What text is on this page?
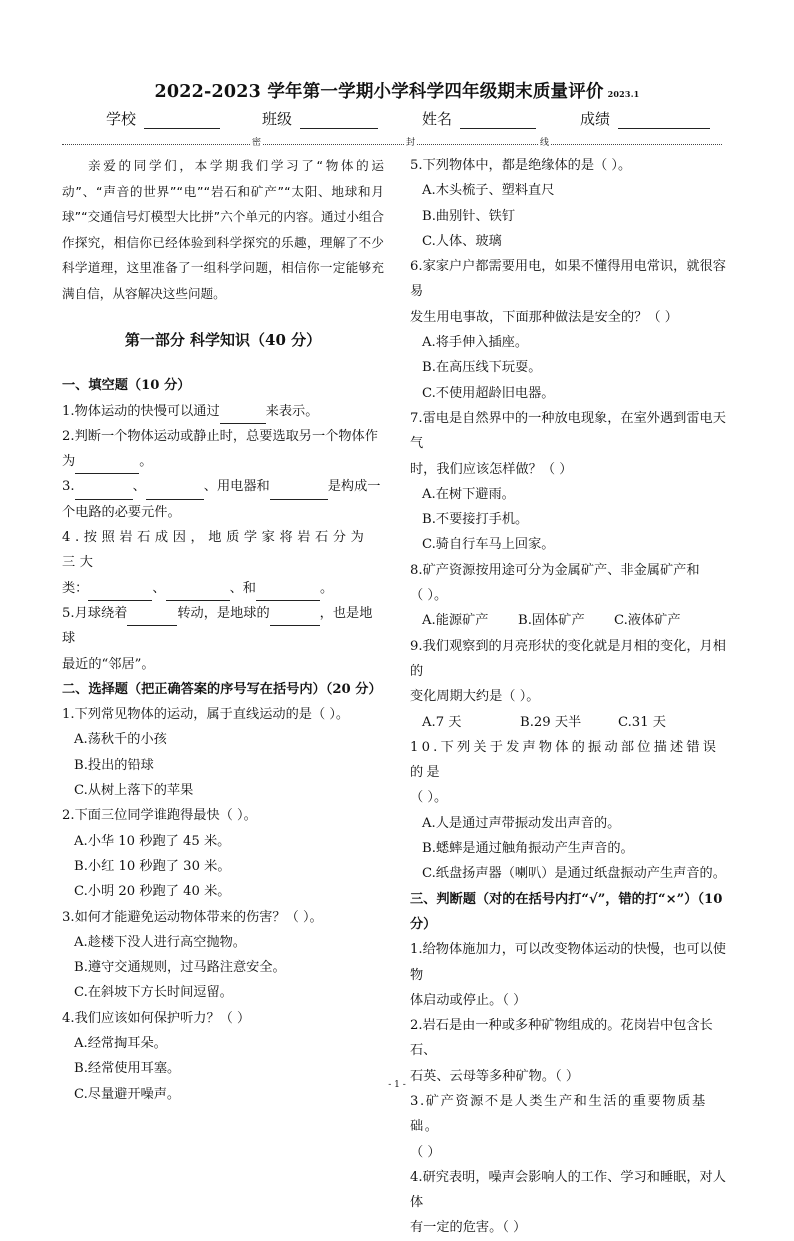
2022-2023 学年第一学期小学科学四年级期末质量评价 2023.1
学校	班级	姓名	成绩
密	封	线

亲爱的同学们，本学期我们学习了“物体的运动”、“声音的世界”“电”“岩石和矿产”“太阳、地球和月球”“交通信号灯模型大比拼”六个单元的内容。通过小组合作探究，相信你已经体验到科学探究的乐趣，理解了不少科学道理，这里准备了一组科学问题，相信你一定能够充满自信，从容解决这些问题。

第一部分 科学知识（40 分）

一、填空题（10 分）

1.物体运动的快慢可以通过	来表示。

2.判断一个物体运动或静止时，总要选取另一个物体作

为	。

3.	、	、用电器和	是构成一

个电路的必要元件。

4.按照岩石成因，地质学家将岩石分为三大

类：	、	、和	。

5.月球绕着	转动，是地球的	，也是地球

最近的“邻居”。

二、选择题（把正确答案的序号写在括号内）（20 分）

1.下列常见物体的运动，属于直线运动的是（ ）。

A.荡秋千的小孩

B.投出的铅球

C.从树上落下的苹果

2.下面三位同学谁跑得最快（ ）。

A.小华 10 秒跑了 45 米。

B.小红 10 秒跑了 30 米。

C.小明 20 秒跑了 40 米。

3.如何才能避免运动物体带来的伤害？（ ）。

A.趁楼下没人进行高空抛物。

B.遵守交通规则，过马路注意安全。

C.在斜坡下方长时间逗留。

4.我们应该如何保护听力？（ ）

A.经常掏耳朵。

B.经常使用耳塞。

C.尽量避开噪声。

5.下列物体中，都是绝缘体的是（ ）。

A.木头梳子、塑料直尺

B.曲别针、铁钉

C.人体、玻璃

6.家家户户都需要用电，如果不懂得用电常识，就很容易

发生用电事故，下面那种做法是安全的？（ ）

A.将手伸入插座。

B.在高压线下玩耍。

C.不使用超龄旧电器。

7.雷电是自然界中的一种放电现象，在室外遇到雷电天气

时，我们应该怎样做？（ ）

A.在树下避雨。

B.不要接打手机。

C.骑自行车马上回家。

8.矿产资源按用途可分为金属矿产、非金属矿产和

（ ）。

A.能源矿产 B.固体矿产 C.液体矿产

9.我们观察到的月亮形状的变化就是月相的变化，月相的

变化周期大约是（ ）。

A.7 天	B.29 天半	C.31 天

10.下列关于发声物体的振动部位描述错误的是

（ ）。

A.人是通过声带振动发出声音的。

B.蟋蟀是通过触角振动产生声音的。

C.纸盘扬声器（喇叭）是通过纸盘振动产生声音的。

三、判断题（对的在括号内打“√”，错的打“×”）（10

分）

1.给物体施加力，可以改变物体运动的快慢，也可以使物

体启动或停止。（ ）

2.岩石是由一种或多种矿物组成的。花岗岩中包含长石、

石英、云母等多种矿物。（ ）

3.矿产资源不是人类生产和生活的重要物质基础。

（ ）

4.研究表明，噪声会影响人的工作、学习和睡眠，对人体

有一定的危害。（ ）

- 1 -
